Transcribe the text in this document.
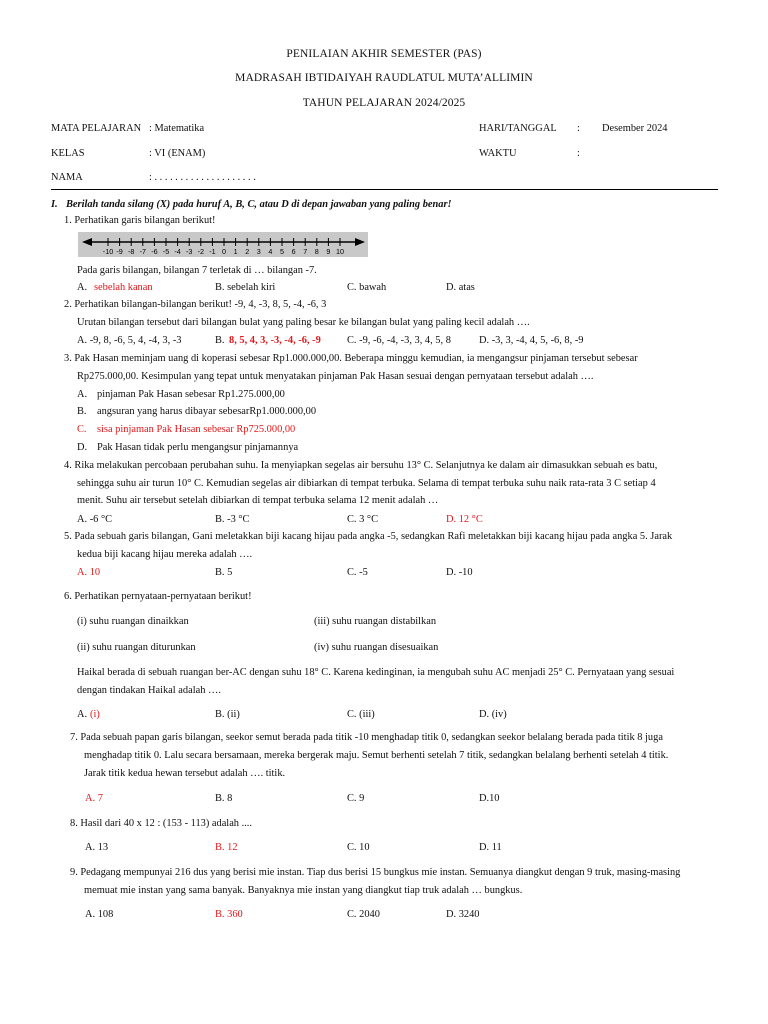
PENILAIAN AKHIR SEMESTER (PAS)
MADRASAH IBTIDAIYAH RAUDLATUL MUTA’ALLIMIN
TAHUN PELAJARAN 2024/2025
MATA PELAJARAN : Matematika	HARI/TANGGAL : Desember 2024
KELAS	: VI (ENAM)	WAKTU	:
NAMA	: . . . . . . . . . . . . . . . . . . . .
I. Berilah tanda silang (X) pada huruf A, B, C, atau D di depan jawaban yang paling benar!
1. Perhatikan garis bilangan berikut!
-10 -9 -8 -7 -6 -5 -4 -3 -2 -1 0 1 2 3 4 5 6 7 8 9 10
Pada garis bilangan, bilangan 7 terletak di … bilangan -7.
A. sebelah kanan	B. sebelah kiri	C. bawah	D. atas
2. Perhatikan bilangan-bilangan berikut! -9, 4, -3, 8, 5, -4, -6, 3
Urutan bilangan tersebut dari bilangan bulat yang paling besar ke bilangan bulat yang paling kecil adalah ….
A. -9, 8, -6, 5, 4, -4, 3, -3	B. 8, 5, 4, 3, -3, -4, -6, -9	C. -9, -6, -4, -3, 3, 4, 5, 8	D. -3, 3, -4, 4, 5, -6, 8, -9
3. Pak Hasan meminjam uang di koperasi sebesar Rp1.000.000,00. Beberapa minggu kemudian, ia mengangsur pinjaman tersebut sebesar
Rp275.000,00. Kesimpulan yang tepat untuk menyatakan pinjaman Pak Hasan sesuai dengan pernyataan tersebut adalah ….
A. pinjaman Pak Hasan sebesar Rp1.275.000,00
B. angsuran yang harus dibayar sebesarRp1.000.000,00
C. sisa pinjaman Pak Hasan sebesar Rp725.000,00
D. Pak Hasan tidak perlu mengangsur pinjamannya
4. Rika melakukan percobaan perubahan suhu. Ia menyiapkan segelas air bersuhu 13° C. Selanjutnya ke dalam air dimasukkan sebuah es batu,
sehingga suhu air turun 10° C. Kemudian segelas air dibiarkan di tempat terbuka. Selama di tempat terbuka suhu naik rata-rata 3 C setiap 4
menit. Suhu air tersebut setelah dibiarkan di tempat terbuka selama 12 menit adalah …
A. -6 °C	B. -3 °C	C. 3 °C	D. 12 °C
5. Pada sebuah garis bilangan, Gani meletakkan biji kacang hijau pada angka -5, sedangkan Rafi meletakkan biji kacang hijau pada angka 5. Jarak
kedua biji kacang hijau mereka adalah ….
A. 10	B. 5	C. -5	D. -10
6. Perhatikan pernyataan-pernyataan berikut!
(i) suhu ruangan dinaikkan	(iii) suhu ruangan distabilkan
(ii) suhu ruangan diturunkan	(iv) suhu ruangan disesuaikan
Haikal berada di sebuah ruangan ber-AC dengan suhu 18° C. Karena kedinginan, ia mengubah suhu AC menjadi 25° C. Pernyataan yang sesuai
dengan tindakan Haikal adalah ….
A. (i)	B. (ii)	C. (iii)	D. (iv)
7. Pada sebuah papan garis bilangan, seekor semut berada pada titik -10 menghadap titik 0, sedangkan seekor belalang berada pada titik 8 juga
menghadap titik 0. Lalu secara bersamaan, mereka bergerak maju. Semut berhenti setelah 7 titik, sedangkan belalang berhenti setelah 4 titik.
Jarak titik kedua hewan tersebut adalah …. titik.
A. 7	B. 8	C. 9	D.10
8. Hasil dari 40 x 12 : (153 - 113) adalah ....
A. 13	B. 12	C. 10	D. 11
9. Pedagang mempunyai 216 dus yang berisi mie instan. Tiap dus berisi 15 bungkus mie instan. Semuanya diangkut dengan 9 truk, masing-masing
memuat mie instan yang sama banyak. Banyaknya mie instan yang diangkut tiap truk adalah … bungkus.
A. 108	B. 360	C. 2040	D. 3240
